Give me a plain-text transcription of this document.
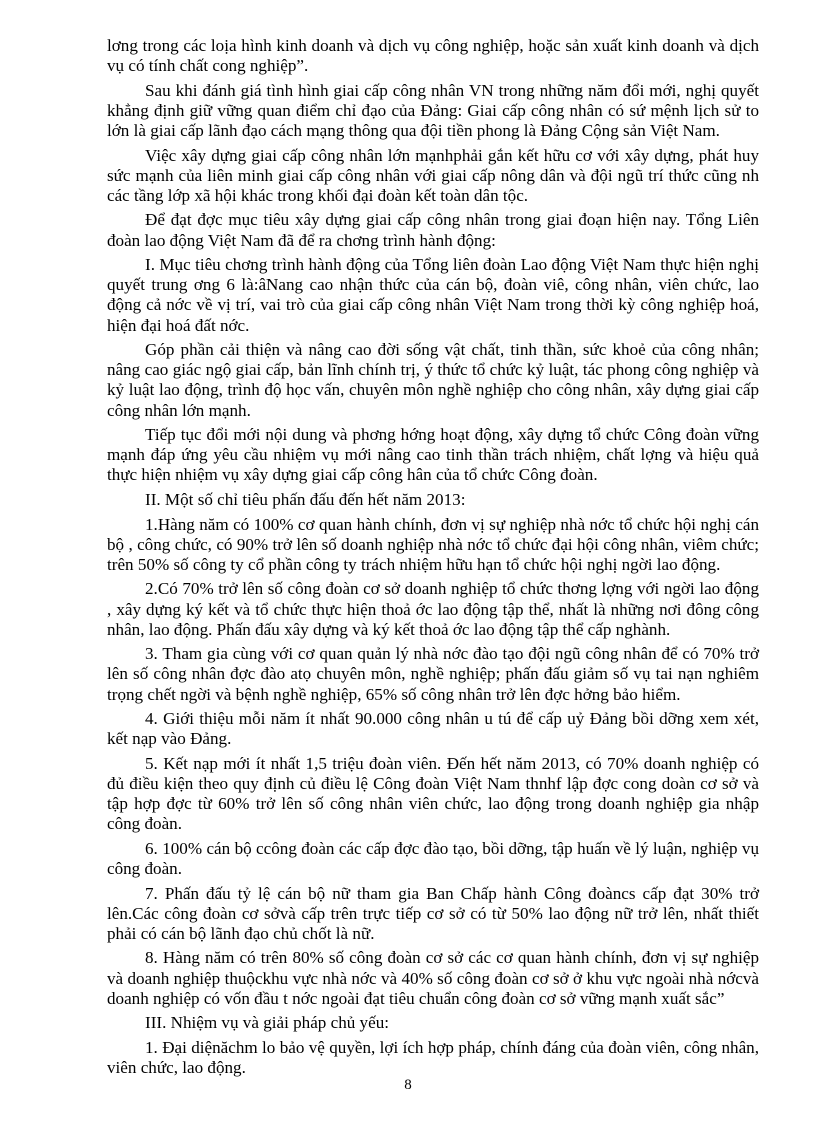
lơng trong các loịa hình kinh doanh và dịch vụ công nghiệp, hoặc sản xuất kinh doanh và dịch vụ có tính chất cong nghiệp”.

Sau khi đánh giá tình hình giai cấp công nhân VN trong những năm đổi mới, nghị quyết khẳng định giữ vững quan điểm chỉ đạo của Đảng: Giai cấp công nhân có sứ mệnh lịch sử to lớn là giai cấp lãnh đạo cách mạng thông qua đội tiền phong là Đảng Cộng sản Việt Nam.

Việc xây dựng giai cấp công nhân lớn mạnhphải gắn kết hữu cơ với xây dựng, phát huy sức mạnh của liên minh giai cấp công nhân với giai cấp nông dân và đội ngũ trí thức cũng nh các tầng lớp xã hội khác trong khối đại đoàn kết toàn dân tộc.

Để đạt đợc mục tiêu xây dựng giai cấp công nhân trong giai đoạn hiện nay. Tổng Liên đoàn lao động Việt Nam đã để ra chơng trình hành động:

I. Mục tiêu chơng trình hành động của Tổng liên đoàn Lao động Việt Nam thực hiện nghị quyết trung ơng 6 là:âNang cao nhận thức của cán bộ, đoàn viê, công nhân, viên chức, lao động cả nớc về vị trí, vai trò của giai cấp công nhân Việt Nam trong thời kỳ công nghiệp hoá, hiện đại hoá đất nớc.

Góp phần cải thiện và nâng cao đời sống vật chất, tinh thần, sức khoẻ của công nhân; nâng cao giác ngộ giai cấp, bản lĩnh chính trị, ý thức tổ chức kỷ luật, tác phong công nghiệp và kỷ luật lao động, trình độ học vấn, chuyên môn nghề nghiệp cho công nhân, xây dựng giai cấp công nhân lớn mạnh.

Tiếp tục đổi mới nội dung và phơng hớng hoạt động, xây dựng tổ chức Công đoàn vững mạnh đáp ứng yêu cầu nhiệm vụ mới nâng cao tinh thần trách nhiệm, chất lợng và hiệu quả thực hiện nhiệm vụ xây dựng giai cấp công hân của tổ chức Công đoàn.

II. Một số chỉ tiêu phấn đấu đến hết năm 2013:

1.Hàng năm có 100% cơ quan hành chính, đơn vị sự nghiệp nhà nớc tổ chức hội nghị cán bộ , công chức, có 90% trở lên số doanh nghiệp nhà nớc tổ chức đại hội công nhân, viêm chức; trên 50% số công ty cổ phần công ty trách nhiệm hữu hạn tổ chức hội nghị ngời lao động.

2.Có 70% trở lên số công đoàn cơ sở doanh nghiệp tổ chức thơng lợng với ngời lao động , xây dựng ký kết và tổ chức thực hiện thoả ớc lao động tập thể, nhất là những nơi đông công nhân, lao động. Phấn đấu xây dựng và ký kết thoả ớc lao động tập thể cấp nghành.

3. Tham gia cùng với cơ quan quản lý nhà nớc đào tạo đội ngũ công nhân để có 70% trở lên số công nhân đợc đào atọ chuyên môn, nghề nghiệp; phấn đấu giảm số vụ tai nạn nghiêm trọng chết ngời và bệnh nghề nghiệp, 65% số công nhân trở lên đợc hởng bảo hiểm.

4. Giới thiệu mỗi năm ít nhất 90.000 công nhân u tú để cấp uỷ Đảng bồi dỡng xem xét, kết nạp vào Đảng.

5. Kết nạp mới ít nhất 1,5 triệu đoàn viên. Đến hết năm 2013, có 70% doanh nghiệp có đủ điều kiện theo quy định củ điều lệ Công đoàn Việt Nam thnhf lập đợc cong doàn cơ sở và tập hợp đợc từ 60% trở lên số công nhân viên chức, lao động trong doanh nghiệp gia nhập công đoàn.

6. 100% cán bộ ccông đoàn các cấp đợc đào tạo, bồi dỡng, tập huấn về lý luận, nghiệp vụ công đoàn.

7. Phấn đấu tỷ lệ cán bộ nữ tham gia Ban Chấp hành Công đoàncs cấp đạt 30% trở lên.Các công đoàn cơ sởvà cấp trên trực tiếp cơ sở có từ 50% lao động nữ trở lên, nhất thiết phải có cán bộ lãnh đạo chủ chốt là nữ.

8. Hàng năm có trên 80% số công đoàn cơ sở các cơ quan hành chính, đơn vị sự nghiệp và doanh nghiệp thuộckhu vực nhà nớc và 40% số công đoàn cơ sở ở khu vực ngoài nhà nớcvà doanh nghiệp có vốn đầu t nớc ngoài đạt tiêu chuẩn công đoàn cơ sở vững mạnh xuất sắc”

III. Nhiệm vụ và giải pháp chủ yếu:

1. Đại diệnăchm lo bảo vệ quyền, lợi ích hợp pháp, chính đáng của đoàn viên, công nhân, viên chức, lao động.

8
